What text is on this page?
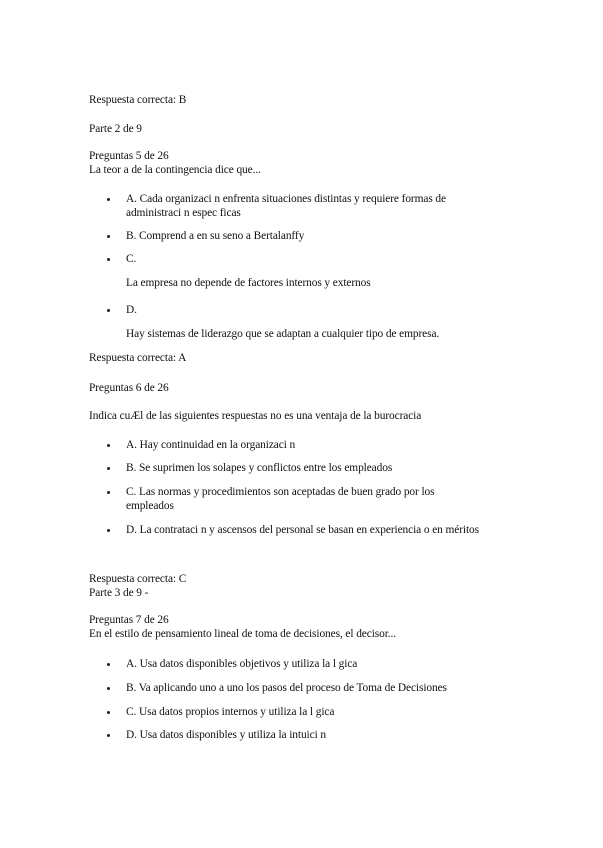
Respuesta correcta: B
Parte 2 de 9
Preguntas 5 de 26
La teor a de la contingencia dice que...
A. Cada organizaci n enfrenta situaciones distintas y requiere formas de
administraci n espec ficas
B. Comprend a en su seno a Bertalanffy
C.
La empresa no depende de factores internos y externos
D.
Hay sistemas de liderazgo que se adaptan a cualquier tipo de empresa.
Respuesta correcta: A
Preguntas 6 de 26
Indica cuÆl de las siguientes respuestas no es una ventaja de la burocracia
A. Hay continuidad en la organizaci n
B. Se suprimen los solapes y conflictos entre los empleados
C. Las normas y procedimientos son aceptadas de buen grado por los
empleados
D. La contrataci n y ascensos del personal se basan en experiencia o en méritos
Respuesta correcta: C
Parte 3 de 9 -
Preguntas 7 de 26
En el estilo de pensamiento lineal de toma de decisiones, el decisor...
A. Usa datos disponibles objetivos y utiliza la l gica
B. Va aplicando uno a uno los pasos del proceso de Toma de Decisiones
C. Usa datos propios internos y utiliza la l gica
D. Usa datos disponibles y utiliza la intuici n
